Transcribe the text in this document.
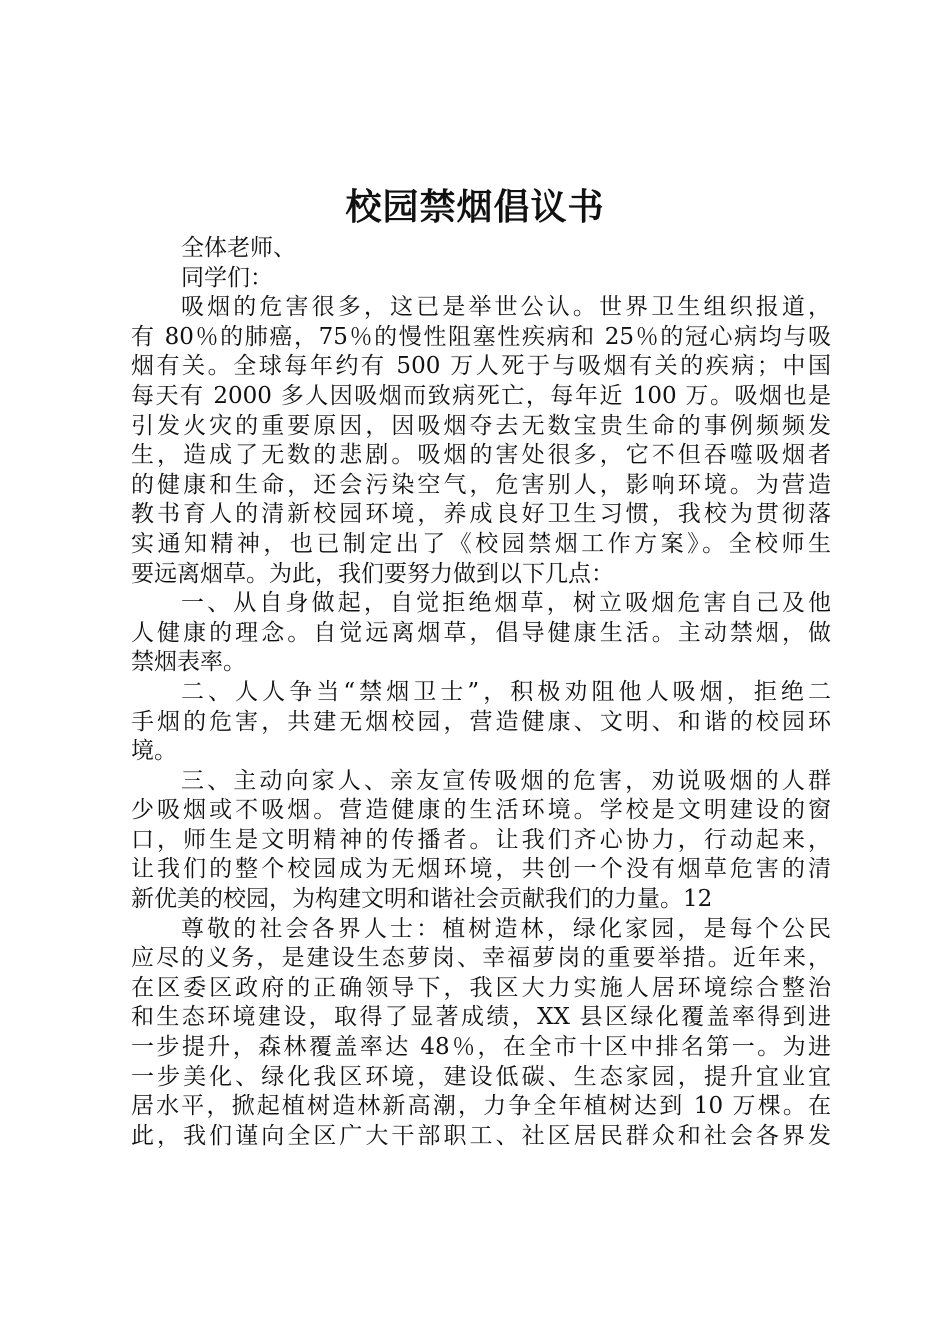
校园禁烟倡议书
全体老师、
同学们：
吸烟的危害很多，这已是举世公认。世界卫生组织报道，
有 80％的肺癌，75％的慢性阻塞性疾病和 25％的冠心病均与吸
烟有关。全球每年约有 500 万人死于与吸烟有关的疾病；中国
每天有 2000 多人因吸烟而致病死亡，每年近 100 万。吸烟也是
引发火灾的重要原因，因吸烟夺去无数宝贵生命的事例频频发
生，造成了无数的悲剧。吸烟的害处很多，它不但吞噬吸烟者
的健康和生命，还会污染空气，危害别人，影响环境。为营造
教书育人的清新校园环境，养成良好卫生习惯，我校为贯彻落
实通知精神，也已制定出了《校园禁烟工作方案》。全校师生
要远离烟草。为此，我们要努力做到以下几点：
一、从自身做起，自觉拒绝烟草，树立吸烟危害自己及他
人健康的理念。自觉远离烟草，倡导健康生活。主动禁烟，做
禁烟表率。
二、人人争当“禁烟卫士”，积极劝阻他人吸烟，拒绝二
手烟的危害，共建无烟校园，营造健康、文明、和谐的校园环
境。
三、主动向家人、亲友宣传吸烟的危害，劝说吸烟的人群
少吸烟或不吸烟。营造健康的生活环境。学校是文明建设的窗
口，师生是文明精神的传播者。让我们齐心协力，行动起来，
让我们的整个校园成为无烟环境，共创一个没有烟草危害的清
新优美的校园，为构建文明和谐社会贡献我们的力量。12
尊敬的社会各界人士：植树造林，绿化家园，是每个公民
应尽的义务，是建设生态萝岗、幸福萝岗的重要举措。近年来，
在区委区政府的正确领导下，我区大力实施人居环境综合整治
和生态环境建设，取得了显著成绩，XX 县区绿化覆盖率得到进
一步提升，森林覆盖率达 48％，在全市十区中排名第一。为进
一步美化、绿化我区环境，建设低碳、生态家园，提升宜业宜
居水平，掀起植树造林新高潮，力争全年植树达到 10 万棵。在
此，我们谨向全区广大干部职工、社区居民群众和社会各界发
